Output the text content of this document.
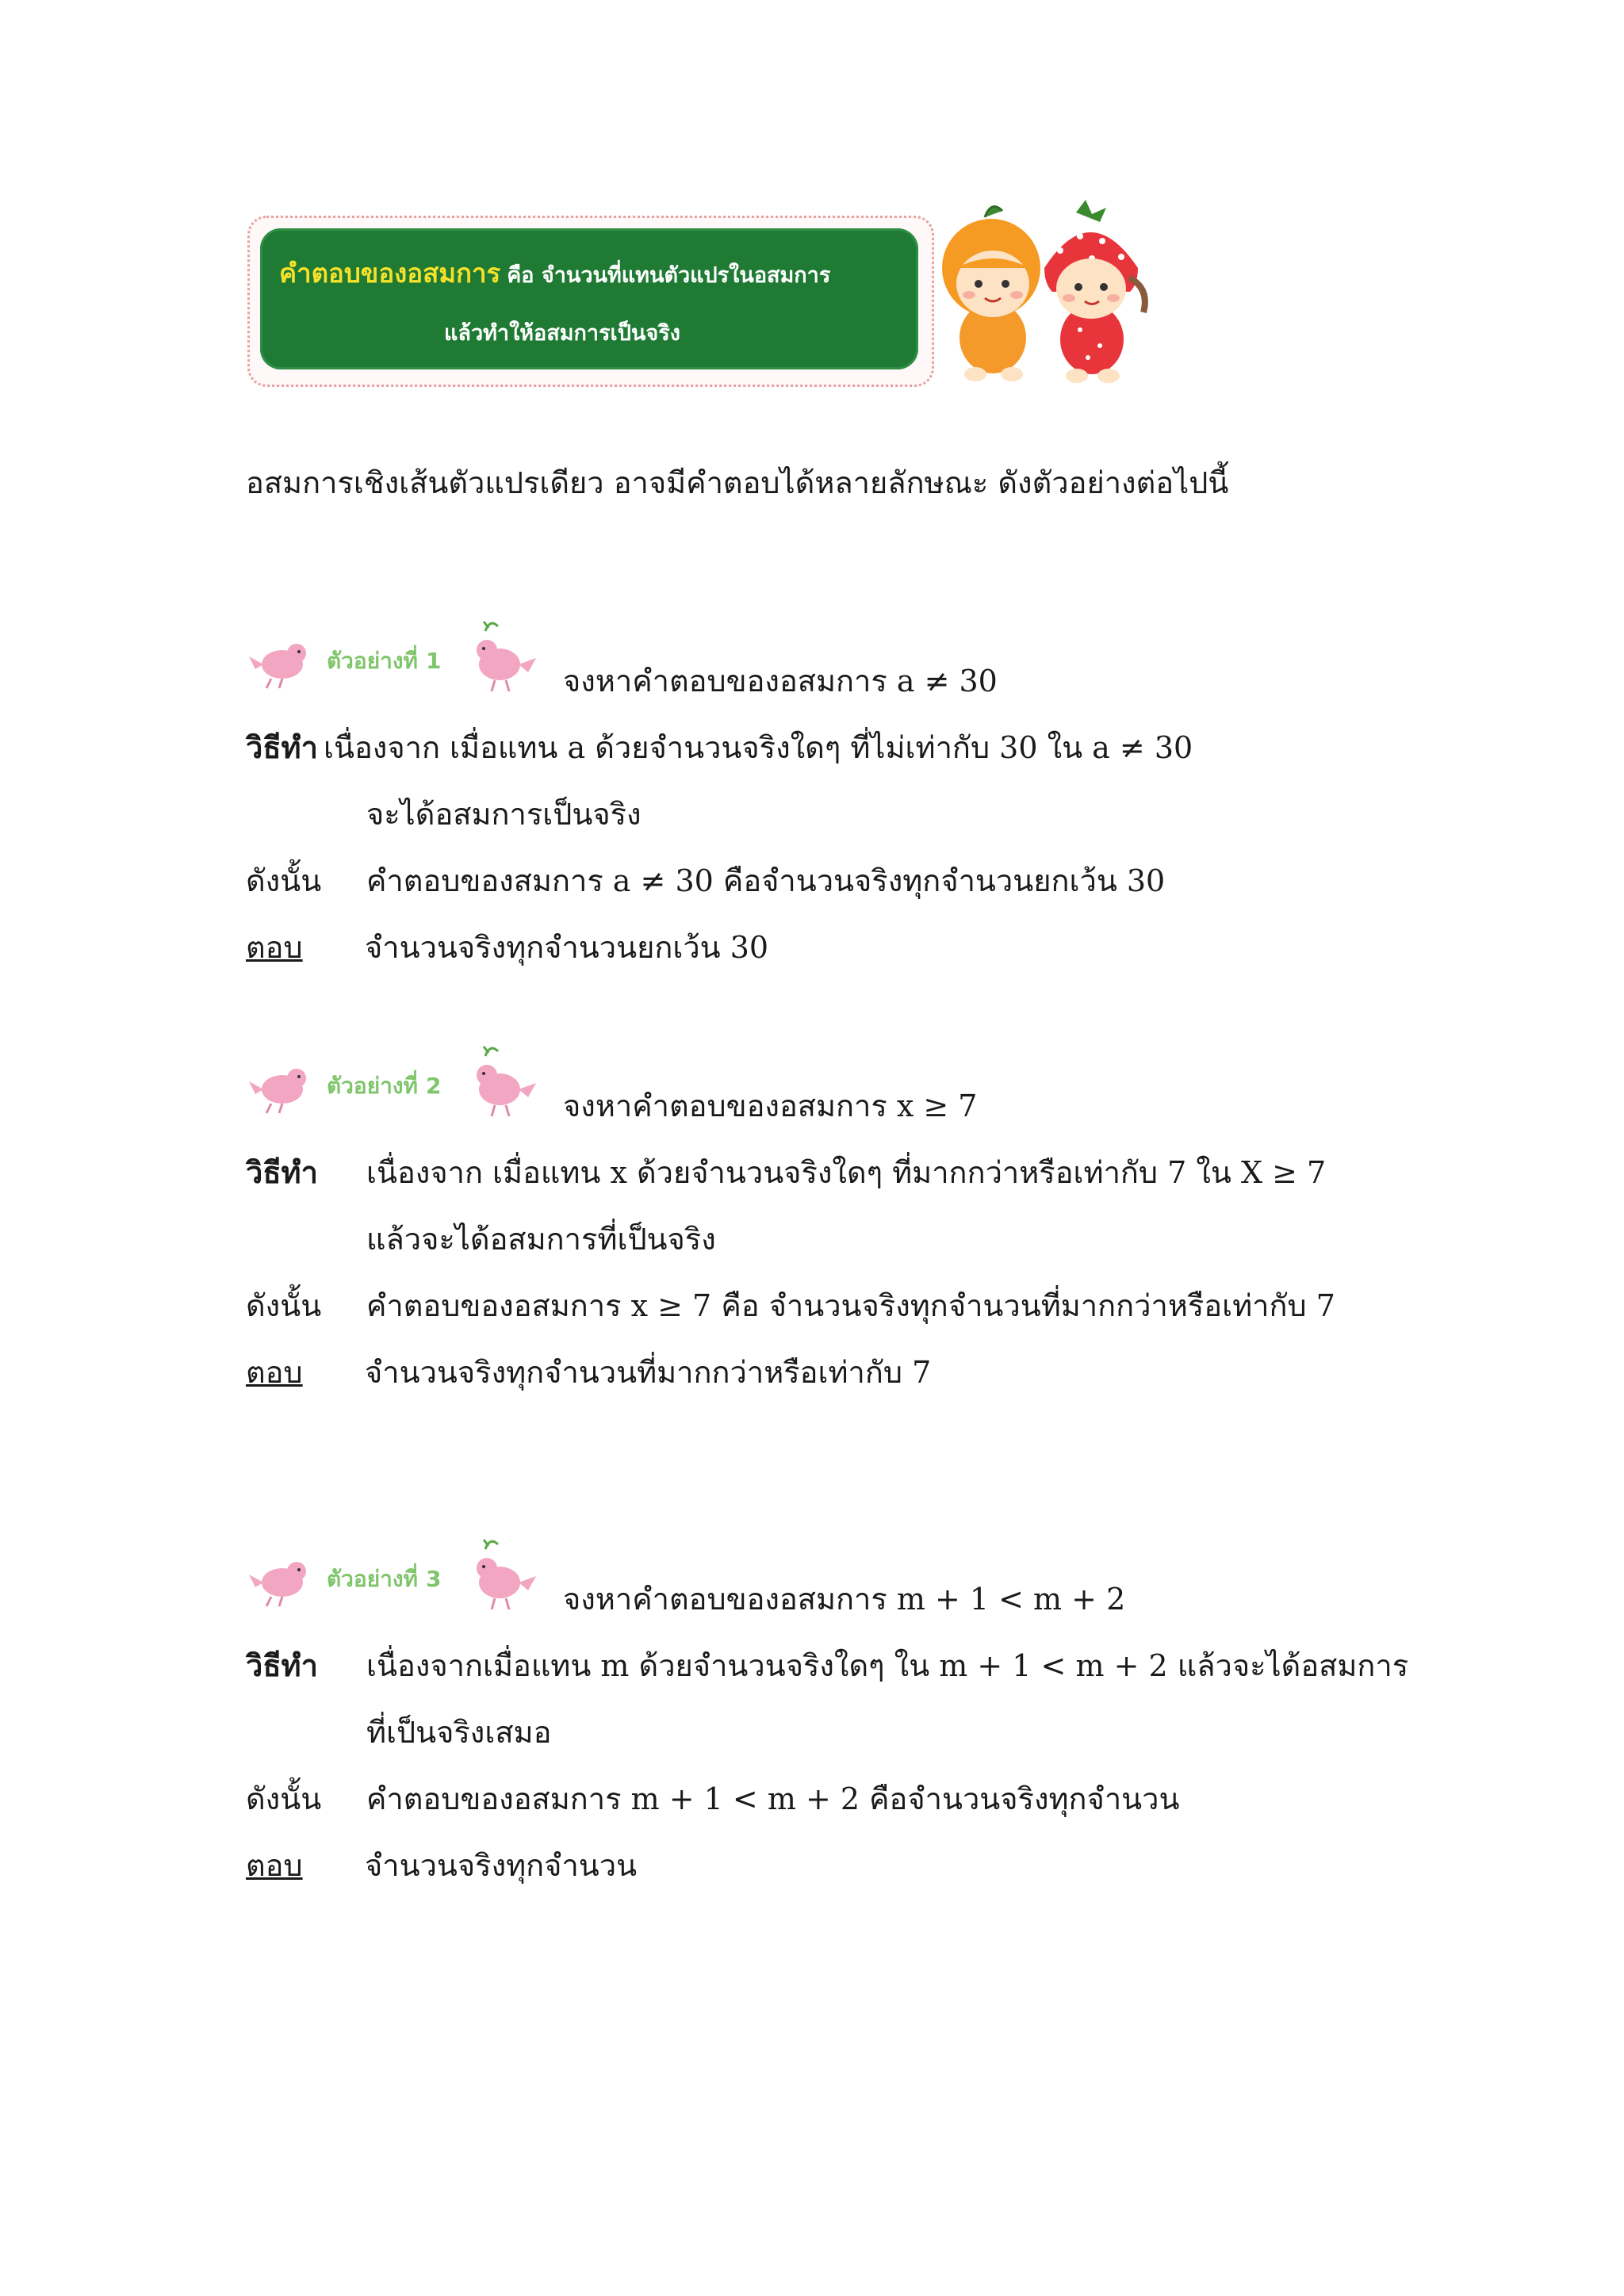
คำตอบของอสมการ คือ จำนวนที่แทนตัวแปรในอสมการ
แล้วทำให้อสมการเป็นจริง
อสมการเชิงเส้นตัวแปรเดียว อาจมีคำตอบได้หลายลักษณะ ดังตัวอย่างต่อไปนี้
ตัวอย่างที่ 1
จงหาคำตอบของอสมการ a ≠ 30
วิธีทำ เนื่องจาก เมื่อแทน a ด้วยจำนวนจริงใดๆ ที่ไม่เท่ากับ 30 ใน a ≠ 30
จะได้อสมการเป็นจริง
ดังนั้น คำตอบของสมการ a ≠ 30 คือจำนวนจริงทุกจำนวนยกเว้น 30
ตอบ จำนวนจริงทุกจำนวนยกเว้น 30
ตัวอย่างที่ 2
จงหาคำตอบของอสมการ x ≥ 7
วิธีทำ เนื่องจาก เมื่อแทน x ด้วยจำนวนจริงใดๆ ที่มากกว่าหรือเท่ากับ 7 ใน X ≥ 7
แล้วจะได้อสมการที่เป็นจริง
ดังนั้น คำตอบของอสมการ x ≥ 7 คือ จำนวนจริงทุกจำนวนที่มากกว่าหรือเท่ากับ 7
ตอบ จำนวนจริงทุกจำนวนที่มากกว่าหรือเท่ากับ 7
ตัวอย่างที่ 3
จงหาคำตอบของอสมการ m + 1 < m + 2
วิธีทำ เนื่องจากเมื่อแทน m ด้วยจำนวนจริงใดๆ ใน m + 1 < m + 2 แล้วจะได้อสมการ
ที่เป็นจริงเสมอ
ดังนั้น คำตอบของอสมการ m + 1 < m + 2 คือจำนวนจริงทุกจำนวน
ตอบ จำนวนจริงทุกจำนวน
